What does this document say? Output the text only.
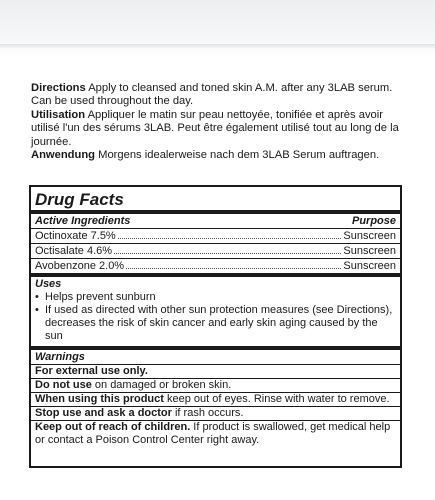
Directions Apply to cleansed and toned skin A.M. after any 3LAB serum. Can be used throughout the day.

Utilisation Appliquer le matin sur peau nettoyée, tonifiée et après avoir utilisé l'un des sérums 3LAB. Peut être également utilisé tout au long de la journée.

Anwendung Morgens idealerweise nach dem 3LAB Serum auftragen.

Drug Facts
Active Ingredients	Purpose
Octinoxate 7.5%	Sunscreen
Octisalate 4.6%	Sunscreen
Avobenzone 2.0%	Sunscreen
Uses
• Helps prevent sunburn
• If used as directed with other sun protection measures (see Directions), decreases the risk of skin cancer and early skin aging caused by the sun
Warnings
For external use only.
Do not use on damaged or broken skin.
When using this product keep out of eyes. Rinse with water to remove.
Stop use and ask a doctor if rash occurs.
Keep out of reach of children. If product is swallowed, get medical help or contact a Poison Control Center right away.
